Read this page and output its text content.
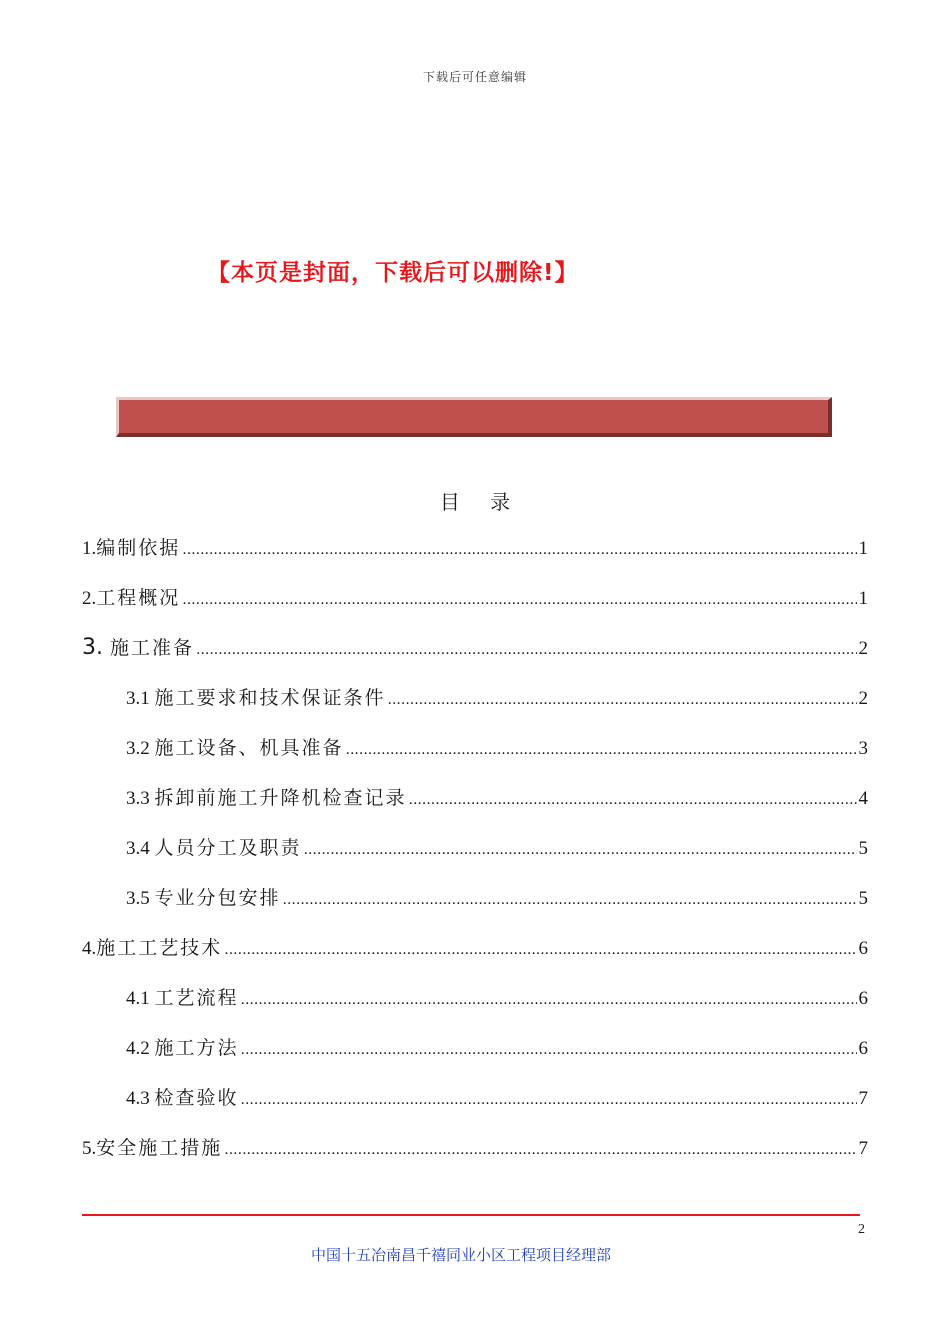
下载后可任意编辑
【本页是封面，下载后可以删除!】
目 录
1.编制依据 .....	1
2.工程概况 .....	1
3. 施工准备 .....	2
3.1 施工要求和技术保证条件 .....	2
3.2 施工设备、机具准备 .....	3
3.3 拆卸前施工升降机检查记录 .....	4
3.4 人员分工及职责 .....	5
3.5 专业分包安排 .....	5
4.施工工艺技术 .....	6
4.1 工艺流程 .....	6
4.2 施工方法 .....	6
4.3 检查验收 .....	7
5.安全施工措施 .....	7
2
中国十五冶南昌千禧同业小区工程项目经理部
